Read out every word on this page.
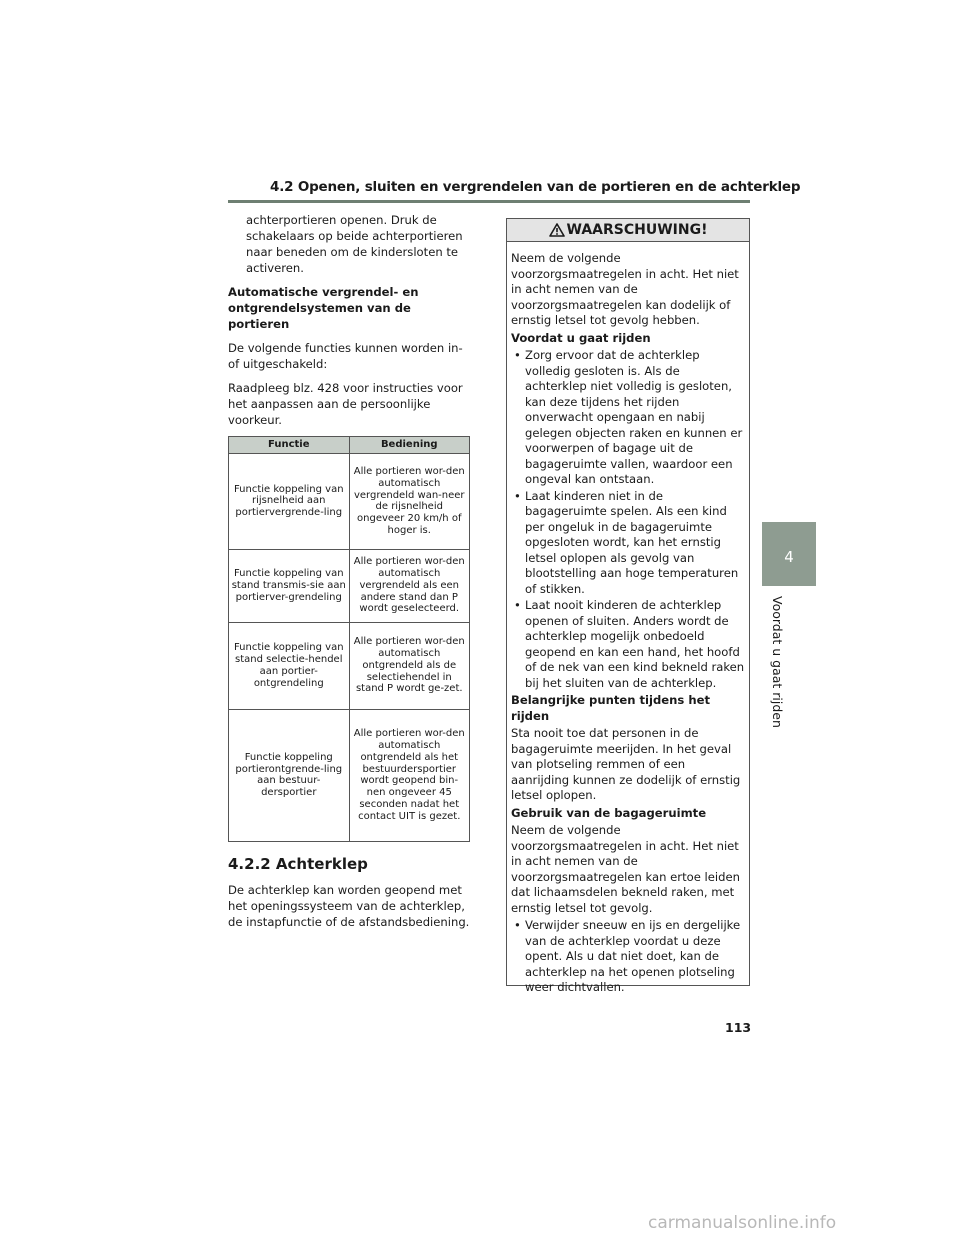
4.2 Openen, sluiten en vergrendelen van de portieren en de achterklep
4
Voordat u gaat rijden

achterportieren openen. Druk de schakelaars op beide achterportieren naar beneden om de kindersloten te activeren.

Automatische vergrendel- en ontgrendelsystemen van de portieren

De volgende functies kunnen worden in- of uitgeschakeld:

Raadpleeg blz. 428 voor instructies voor het aanpassen aan de persoonlijke voorkeur.

Functie	Bediening
Functie koppeling van rijsnelheid aan portiervergrende-ling	Alle portieren wor-den automatisch vergrendeld wan-neer de rijsnelheid ongeveer 20 km/h of hoger is.
Functie koppeling van stand transmis-sie aan portierver-grendeling	Alle portieren wor-den automatisch vergrendeld als een andere stand dan P wordt geselecteerd.
Functie koppeling van stand selectie-hendel aan portier-ontgrendeling	Alle portieren wor-den automatisch ontgrendeld als de selectiehendel in stand P wordt ge-zet.
Functie koppeling portierontgrende-ling aan bestuur-dersportier	Alle portieren wor-den automatisch ontgrendeld als het bestuurdersportier wordt geopend bin-nen ongeveer 45 seconden nadat het contact UIT is gezet.
4.2.2 Achterklep

De achterklep kan worden geopend met het openingssysteem van de achterklep, de instapfunctie of de afstandsbediening.

WAARSCHUWING!

Neem de volgende voorzorgsmaatregelen in acht. Het niet in acht nemen van de voorzorgsmaatregelen kan dodelijk of ernstig letsel tot gevolg hebben.

Voordat u gaat rijden

• Zorg ervoor dat de achterklep volledig gesloten is. Als de achterklep niet volledig is gesloten, kan deze tijdens het rijden onverwacht opengaan en nabij gelegen objecten raken en kunnen er voorwerpen of bagage uit de bagageruimte vallen, waardoor een ongeval kan ontstaan.
• Laat kinderen niet in de bagageruimte spelen. Als een kind per ongeluk in de bagageruimte opgesloten wordt, kan het ernstig letsel oplopen als gevolg van blootstelling aan hoge temperaturen of stikken.
• Laat nooit kinderen de achterklep openen of sluiten. Anders wordt de achterklep mogelijk onbedoeld geopend en kan een hand, het hoofd of de nek van een kind bekneld raken bij het sluiten van de achterklep.

Belangrijke punten tijdens het rijden

Sta nooit toe dat personen in de bagageruimte meerijden. In het geval van plotseling remmen of een aanrijding kunnen ze dodelijk of ernstig letsel oplopen.

Gebruik van de bagageruimte

Neem de volgende voorzorgsmaatregelen in acht. Het niet in acht nemen van de voorzorgsmaatregelen kan ertoe leiden dat lichaamsdelen bekneld raken, met ernstig letsel tot gevolg.

• Verwijder sneeuw en ijs en dergelijke van de achterklep voordat u deze opent. Als u dat niet doet, kan de achterklep na het openen plotseling weer dichtvallen.
113
carmanualsonline.info
